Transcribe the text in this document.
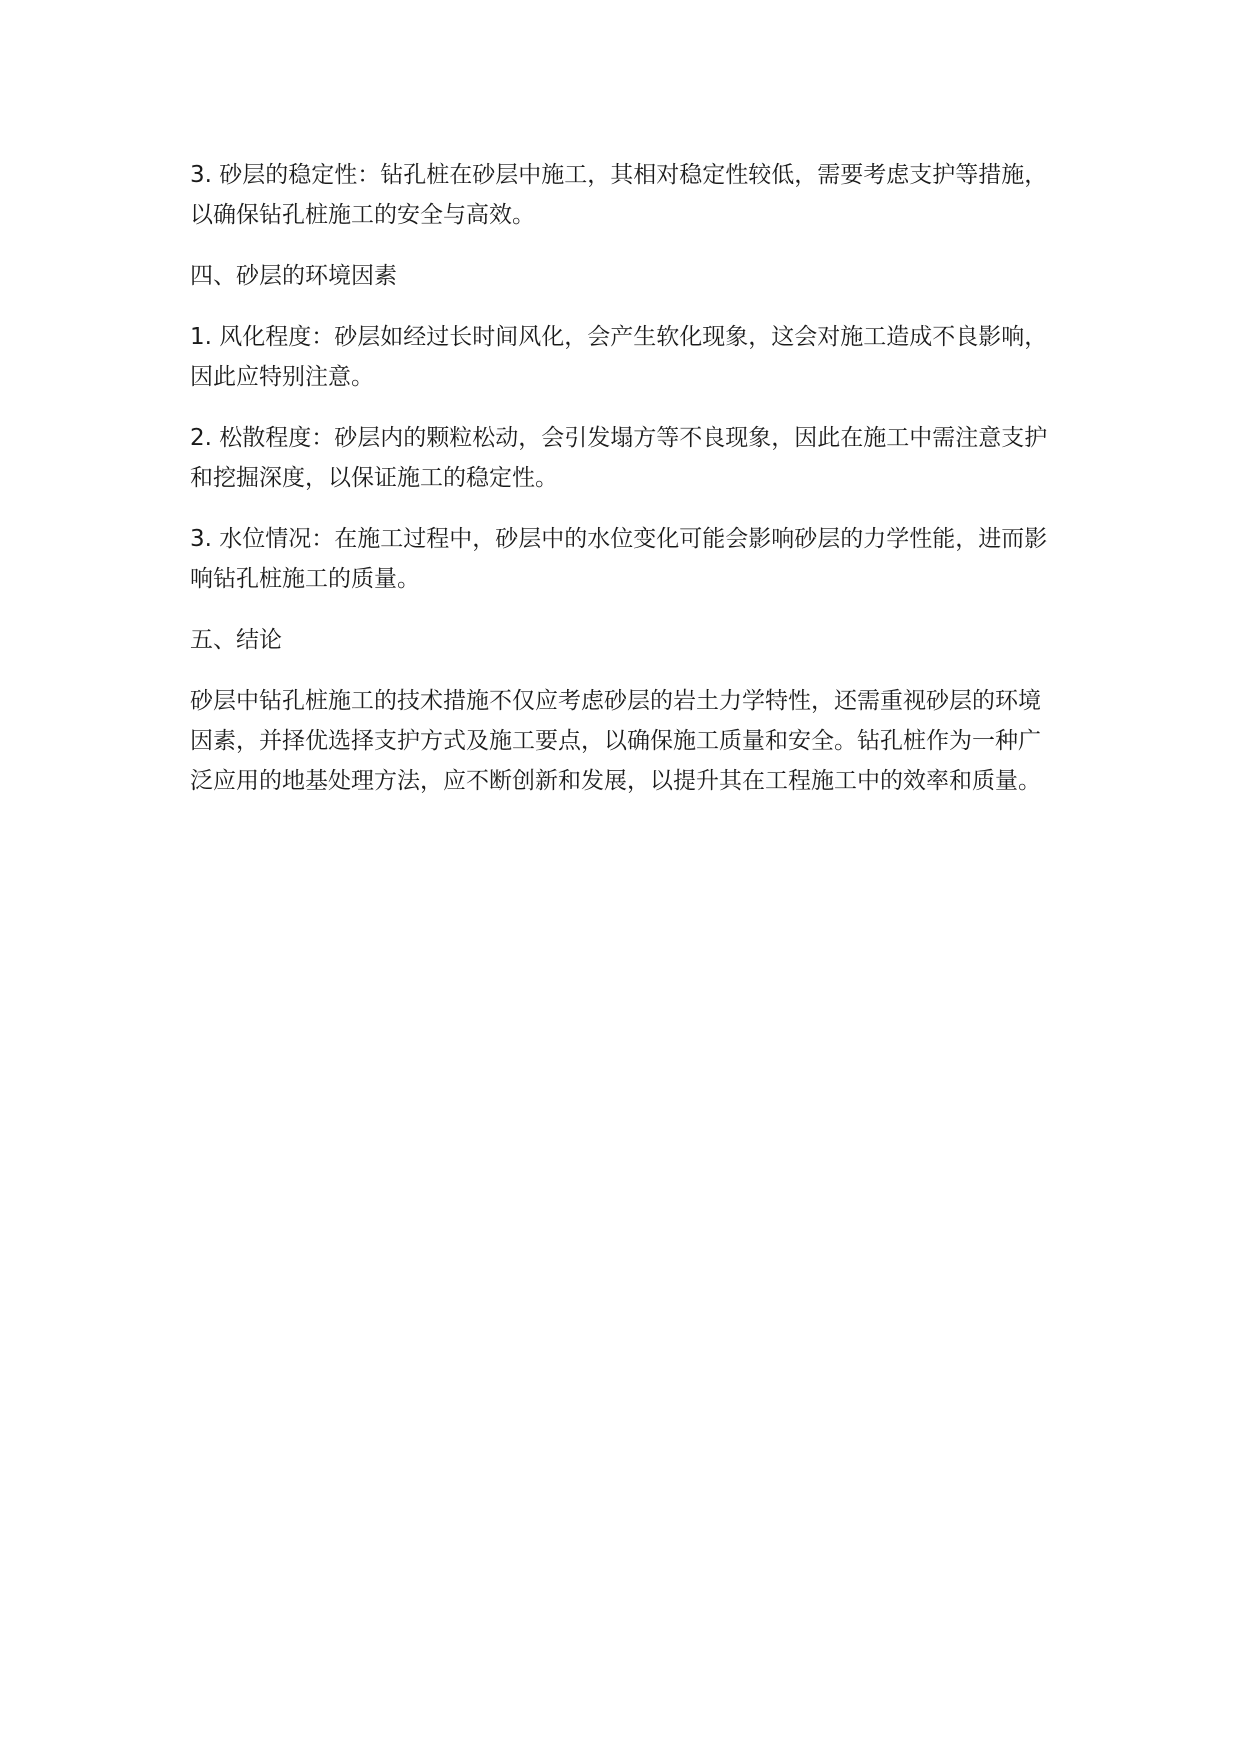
3. 砂层的稳定性：钻孔桩在砂层中施工，其相对稳定性较低，需要考虑支护等措施，以确保钻孔桩施工的安全与高效。

四、砂层的环境因素

1. 风化程度：砂层如经过长时间风化，会产生软化现象，这会对施工造成不良影响，因此应特别注意。

2. 松散程度：砂层内的颗粒松动，会引发塌方等不良现象，因此在施工中需注意支护和挖掘深度，以保证施工的稳定性。

3. 水位情况：在施工过程中，砂层中的水位变化可能会影响砂层的力学性能，进而影响钻孔桩施工的质量。

五、结论

砂层中钻孔桩施工的技术措施不仅应考虑砂层的岩土力学特性，还需重视砂层的环境因素，并择优选择支护方式及施工要点，以确保施工质量和安全。钻孔桩作为一种广泛应用的地基处理方法，应不断创新和发展，以提升其在工程施工中的效率和质量。
